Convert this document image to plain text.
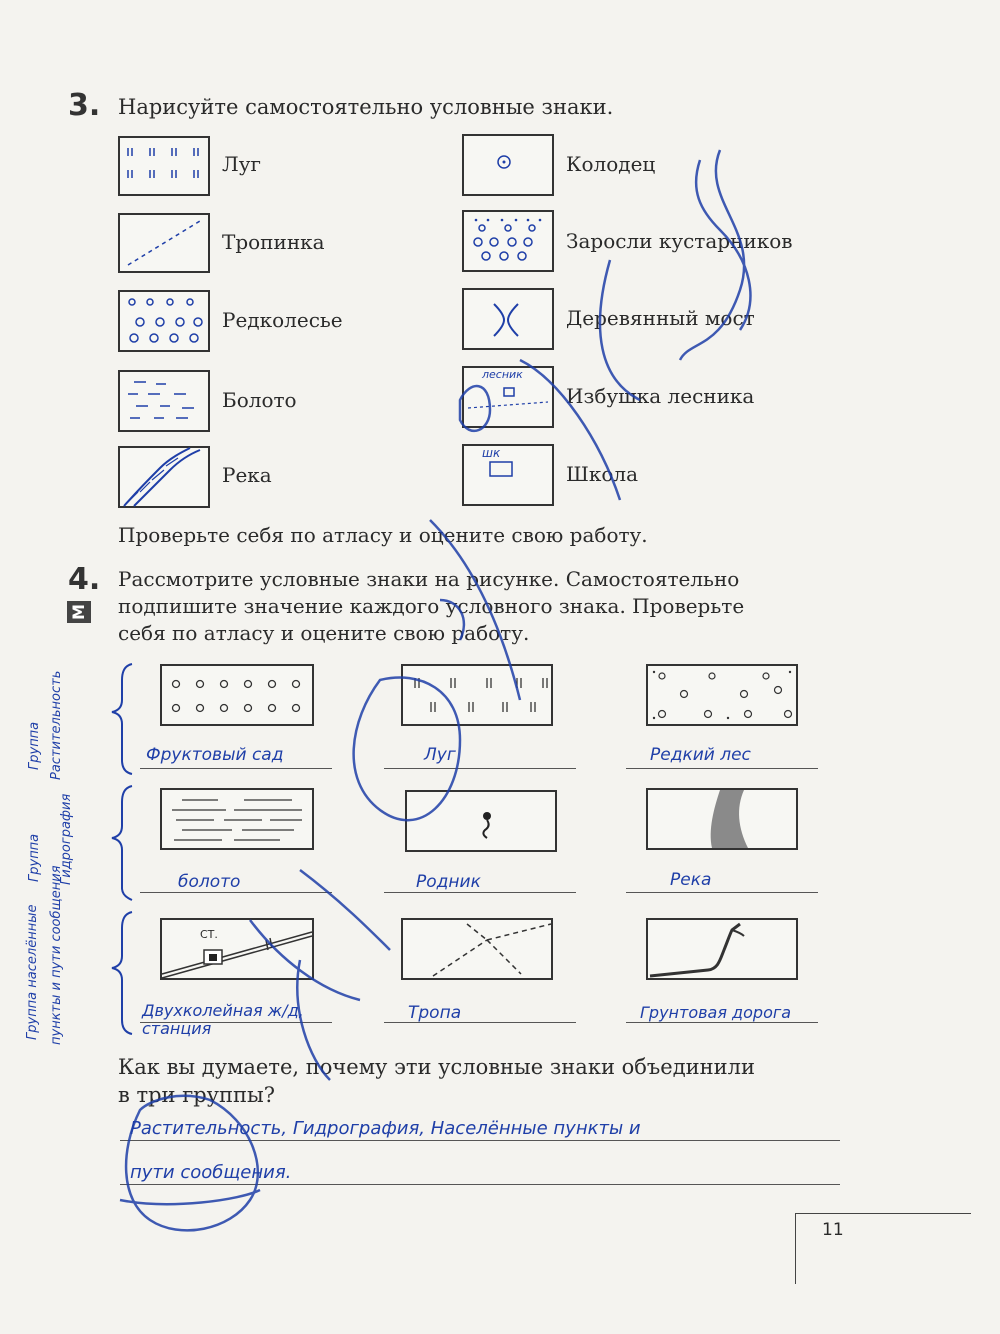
3. Нарисуйте самостоятельно условные знаки.
Луг
Тропинка
Редколесье
Болото
Река
Колодец
Заросли кустарников
Деревянный мост
лесник
Избушка лесника
шк
Школа
Проверьте себя по атласу и оцените свою работу.
4.
М
Рассмотрите условные знаки на рисунке. Самостоятельно
подпишите значение каждого условного знака. Проверьте
себя по атласу и оцените свою работу.
Фруктовый сад	Луг	Редкий лес
болото	Родник	Река
СТ.
Двухколейная ж/д, станция
Тропа	Грунтовая дорога
Группа Растительность
Группа Гидрография
Группа населённые пункты и пути сообщения
Как вы думаете, почему эти условные знаки объединили
в три группы?
Растительность, Гидрография, Населённые пункты и
пути сообщения.
11
